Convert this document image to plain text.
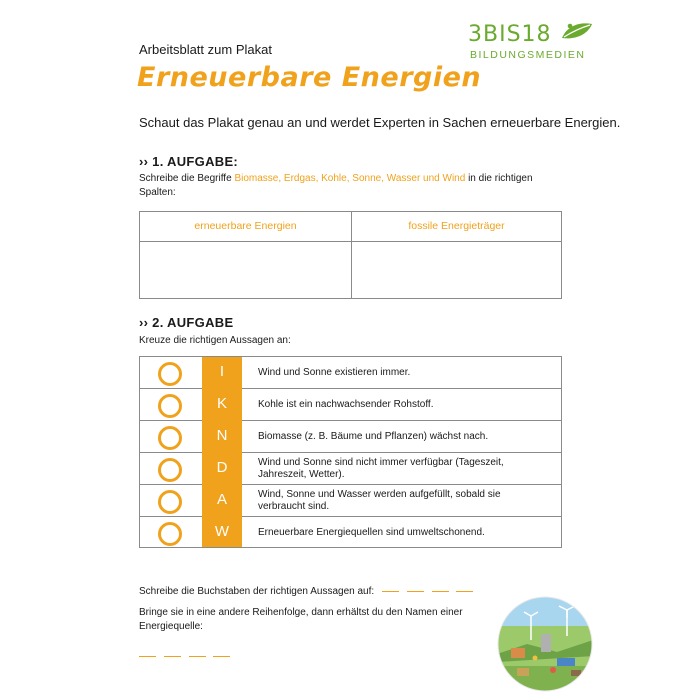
Arbeitsblatt zum Plakat
Erneuerbare Energien
3BIS18
BILDUNGSMEDIEN
Schaut das Plakat genau an und werdet Experten in Sachen erneuerbare Energien.
›› 1. AUFGABE:
Schreibe die Begriffe Biomasse, Erdgas, Kohle, Sonne, Wasser und Wind in die richtigen Spalten:
erneuerbare Energien	fossile Energieträger
›› 2. AUFGABE
Kreuze die richtigen Aussagen an:
I	Wind und Sonne existieren immer.
K	Kohle ist ein nachwachsender Rohstoff.
N	Biomasse (z. B. Bäume und Pflanzen) wächst nach.
D	Wind und Sonne sind nicht immer verfügbar (Tageszeit, Jahreszeit, Wetter).
A	Wind, Sonne und Wasser werden aufgefüllt, sobald sie verbraucht sind.
W	Erneuerbare Energiequellen sind umweltschonend.
Schreibe die Buchstaben der richtigen Aussagen auf:
Bringe sie in eine andere Reihenfolge, dann erhältst du den Namen einer Energiequelle:
